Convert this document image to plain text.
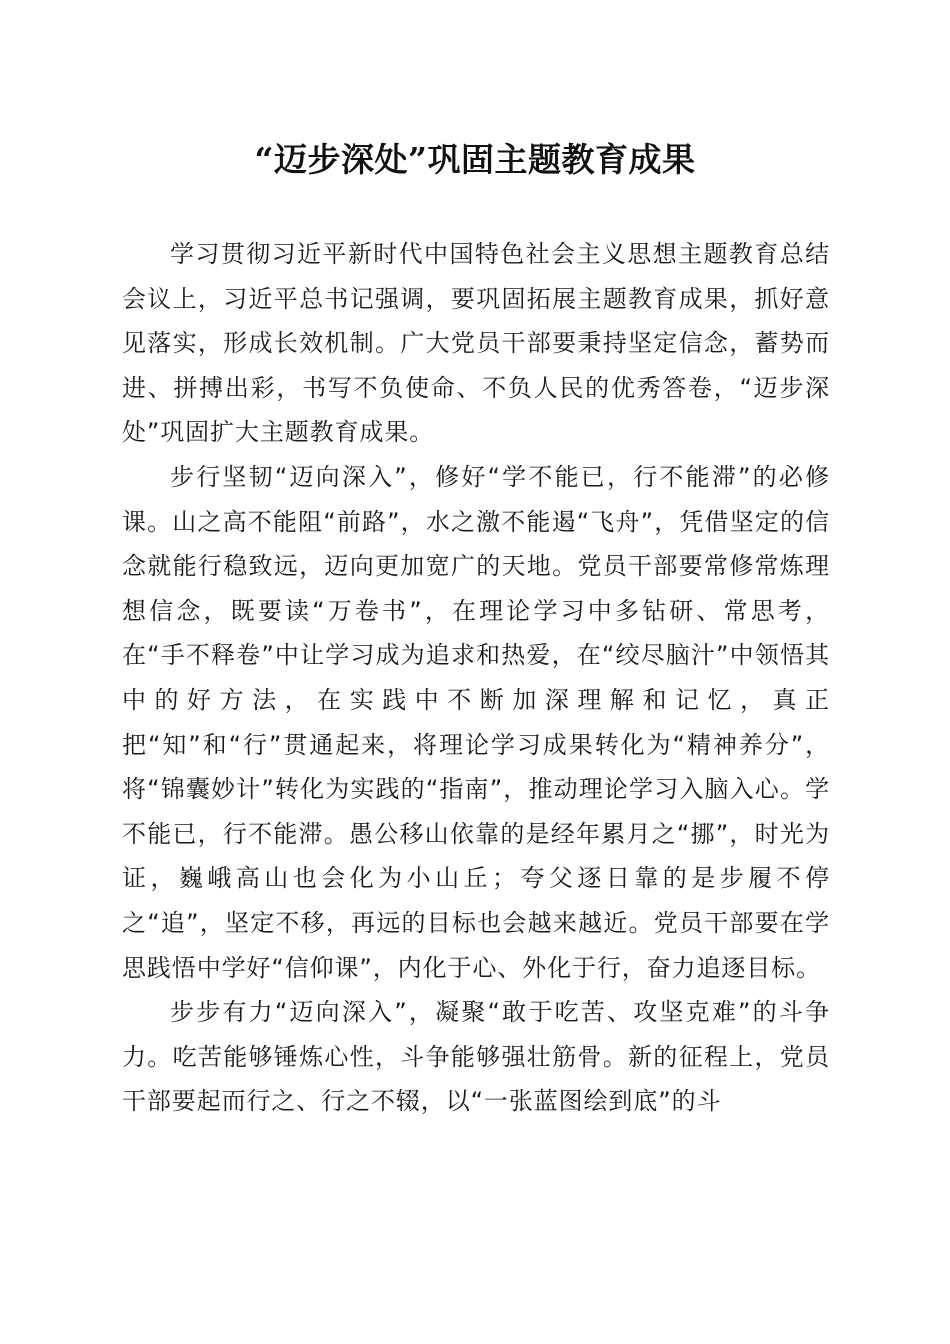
“迈步深处”巩固主题教育成果

学习贯彻习近平新时代中国特色社会主义思想主题教育总结会议上，习近平总书记强调，要巩固拓展主题教育成果，抓好意见落实，形成长效机制。广大党员干部要秉持坚定信念，蓄势而进、拼搏出彩，书写不负使命、不负人民的优秀答卷，“迈步深处”巩固扩大主题教育成果。

步行坚韧“迈向深入”，修好“学不能已，行不能滞”的必修课。山之高不能阻“前路”，水之激不能遏“飞舟”，凭借坚定的信念就能行稳致远，迈向更加宽广的天地。党员干部要常修常炼理想信念，既要读“万卷书”，在理论学习中多钻研、常思考，在“手不释卷”中让学习成为追求和热爱，在“绞尽脑汁”中领悟其中的好方法，在实践中不断加深理解和记忆，真正把“知”和“行”贯通起来，将理论学习成果转化为“精神养分”，将“锦囊妙计”转化为实践的“指南”，推动理论学习入脑入心。学不能已，行不能滞。愚公移山依靠的是经年累月之“挪”，时光为证，巍峨高山也会化为小山丘；夸父逐日靠的是步履不停之“追”，坚定不移，再远的目标也会越来越近。党员干部要在学思践悟中学好“信仰课”，内化于心、外化于行，奋力追逐目标。

步步有力“迈向深入”，凝聚“敢于吃苦、攻坚克难”的斗争力。吃苦能够锤炼心性，斗争能够强壮筋骨。新的征程上，党员干部要起而行之、行之不辍，以“一张蓝图绘到底”的斗
